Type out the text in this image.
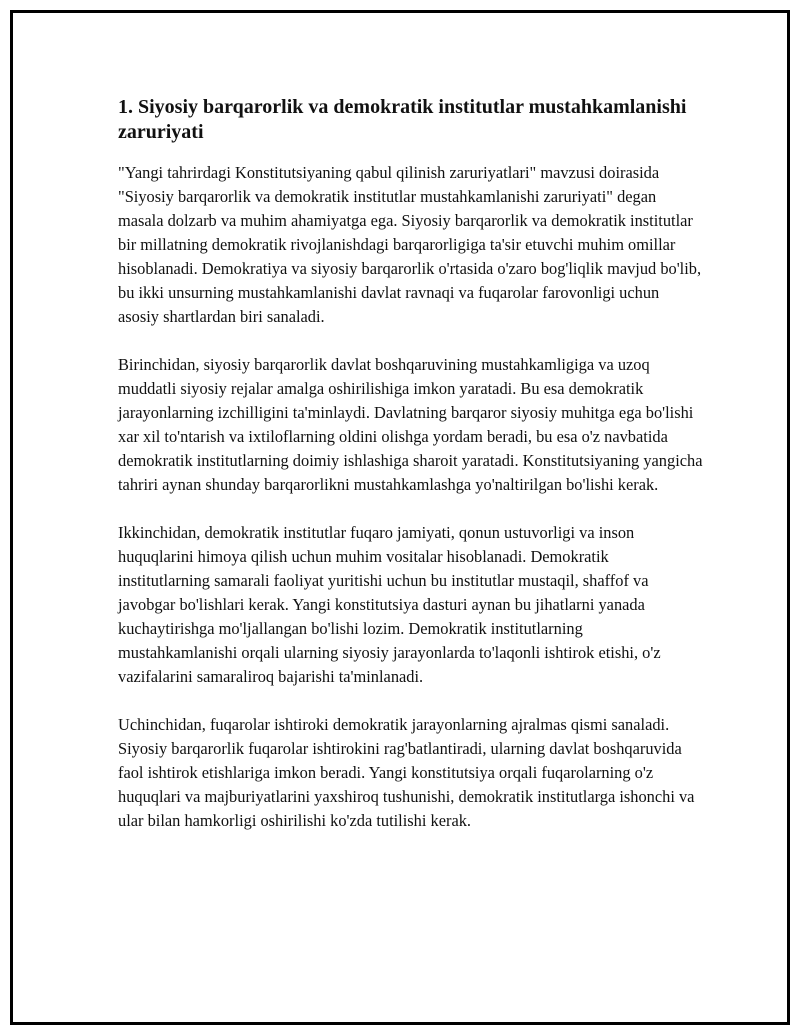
1. Siyosiy barqarorlik va demokratik institutlar mustahkamlanishi zaruriyati

"Yangi tahrirdagi Konstitutsiyaning qabul qilinish zaruriyatlari" mavzusi doirasida "Siyosiy barqarorlik va demokratik institutlar mustahkamlanishi zaruriyati" degan masala dolzarb va muhim ahamiyatga ega. Siyosiy barqarorlik va demokratik institutlar bir millatning demokratik rivojlanishdagi barqarorligiga ta'sir etuvchi muhim omillar hisoblanadi. Demokratiya va siyosiy barqarorlik o'rtasida o'zaro bog'liqlik mavjud bo'lib, bu ikki unsurning mustahkamlanishi davlat ravnaqi va fuqarolar farovonligi uchun asosiy shartlardan biri sanaladi.

Birinchidan, siyosiy barqarorlik davlat boshqaruvining mustahkamligiga va uzoq muddatli siyosiy rejalar amalga oshirilishiga imkon yaratadi. Bu esa demokratik jarayonlarning izchilligini ta'minlaydi. Davlatning barqaror siyosiy muhitga ega bo'lishi xar xil to'ntarish va ixtiloflarning oldini olishga yordam beradi, bu esa o'z navbatida demokratik institutlarning doimiy ishlashiga sharoit yaratadi. Konstitutsiyaning yangicha tahriri aynan shunday barqarorlikni mustahkamlashga yo'naltirilgan bo'lishi kerak.

Ikkinchidan, demokratik institutlar fuqaro jamiyati, qonun ustuvorligi va inson huquqlarini himoya qilish uchun muhim vositalar hisoblanadi. Demokratik institutlarning samarali faoliyat yuritishi uchun bu institutlar mustaqil, shaffof va javobgar bo'lishlari kerak. Yangi konstitutsiya dasturi aynan bu jihatlarni yanada kuchaytirishga mo'ljallangan bo'lishi lozim. Demokratik institutlarning mustahkamlanishi orqali ularning siyosiy jarayonlarda to'laqonli ishtirok etishi, o'z vazifalarini samaraliroq bajarishi ta'minlanadi.

Uchinchidan, fuqarolar ishtiroki demokratik jarayonlarning ajralmas qismi sanaladi. Siyosiy barqarorlik fuqarolar ishtirokini rag'batlantiradi, ularning davlat boshqaruvida faol ishtirok etishlariga imkon beradi. Yangi konstitutsiya orqali fuqarolarning o'z huquqlari va majburiyatlarini yaxshiroq tushunishi, demokratik institutlarga ishonchi va ular bilan hamkorligi oshirilishi ko'zda tutilishi kerak.
